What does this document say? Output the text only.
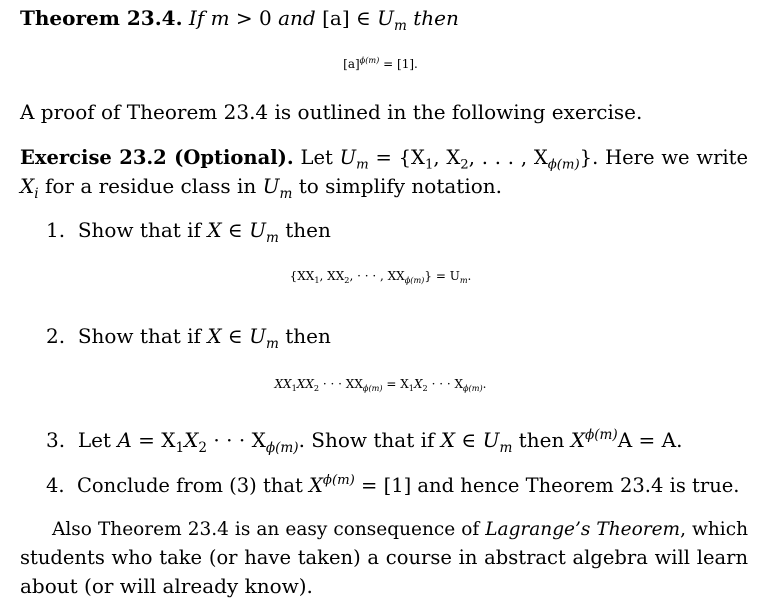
Theorem 23.4. If m > 0 and [a] ∈ $U_m$ then
$[a]^{\phi(m)} = [1]$.
A proof of Theorem 23.4 is outlined in the following exercise.
Exercise 23.2 (Optional). Let $U_m = \{X_1$, $X_2$, . . . , $X_{\phi(m)}$}. Here we write
$X_i$ for a residue class in $U_m$ to simplify notation.
1. Show that if X ∈ $U_m$ then
{$XX_1$, $XX_2$, · · · , $XX_{\phi(m)}\} = U_m$.
2. Show that if X ∈ $U_m$ then
$XX_1XX_2$ · · · $XX_{\phi(m)} = X_1X_2$ · · · $X_{\phi(m)}$.
3. Let $A = X_1X_2$ · · · $X_{\phi(m)}$. Show that if X ∈ $U_m$ then $X^{\phi(m)}A = A$.
4. Conclude from (3) that $X^{\phi(m)} = [1]$ and hence Theorem 23.4 is true.
Also Theorem 23.4 is an easy consequence of Lagrange’s Theorem, which
students who take (or have taken) a course in abstract algebra will learn
about (or will already know).
